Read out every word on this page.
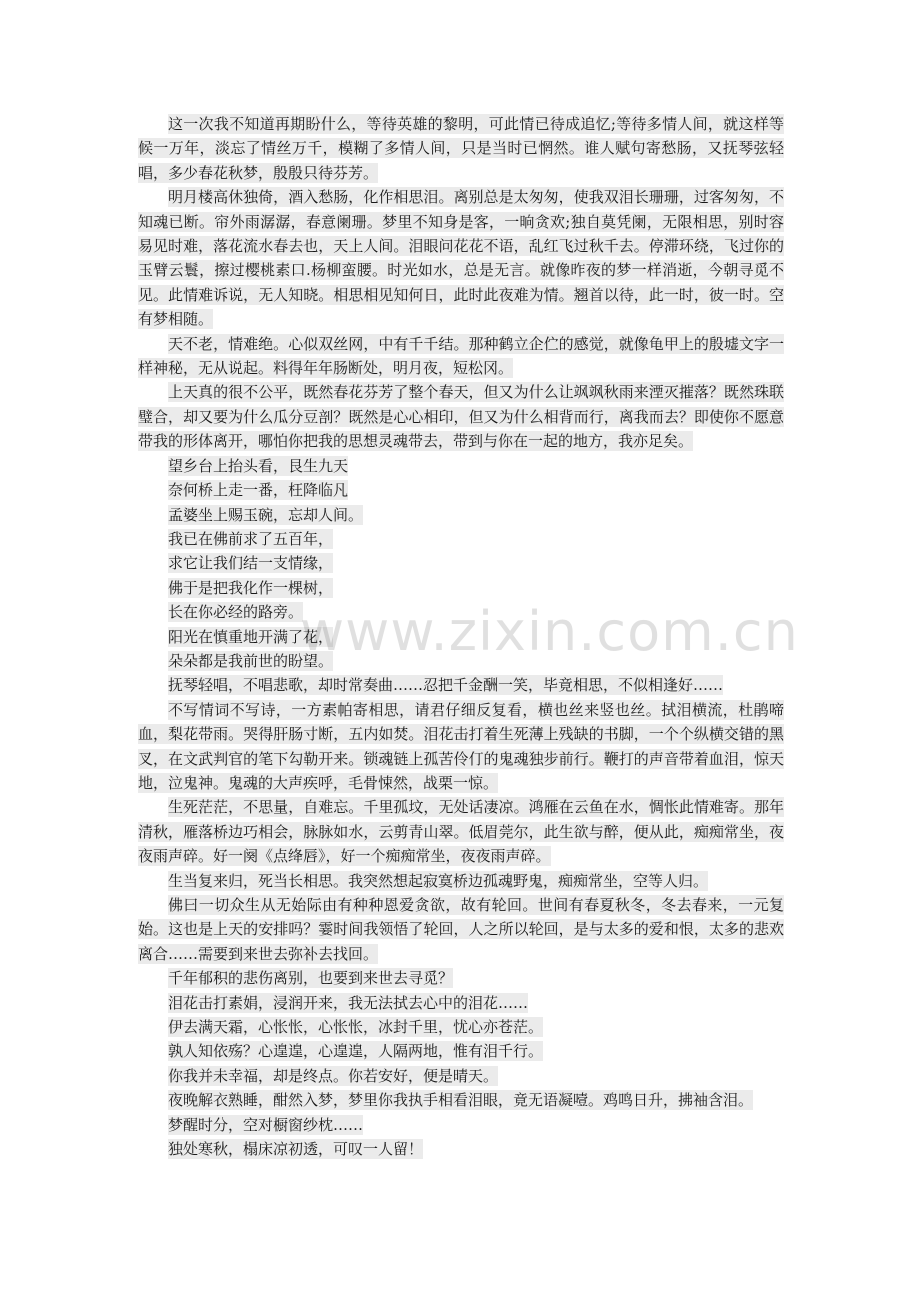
这一次我不知道再期盼什么，等待英雄的黎明，可此情已待成追忆;等待多情人间，就这样等候一万年，淡忘了情丝万千，模糊了多情人间，只是当时已惘然。谁人赋句寄愁肠，又抚琴弦轻唱，多少春花秋梦，殷殷只待芬芳。

明月楼高休独倚，酒入愁肠，化作相思泪。离别总是太匆匆，使我双泪长珊珊，过客匆匆，不知魂已断。帘外雨潺潺，春意阑珊。梦里不知身是客，一晌贪欢;独自莫凭阑，无限相思，别时容易见时难，落花流水春去也，天上人间。泪眼问花花不语，乱红飞过秋千去。停滞环绕，飞过你的玉臂云鬟，擦过樱桃素口.杨柳蛮腰。时光如水，总是无言。就像昨夜的梦一样消逝，今朝寻觅不见。此情难诉说，无人知晓。相思相见知何日，此时此夜难为情。翘首以待，此一时，彼一时。空有梦相随。

天不老，情难绝。心似双丝网，中有千千结。那种鹤立企伫的感觉，就像龟甲上的殷墟文字一样神秘，无从说起。料得年年肠断处，明月夜，短松冈。

上天真的很不公平，既然春花芬芳了整个春天，但又为什么让飒飒秋雨来湮灭摧落？既然珠联璧合，却又要为什么瓜分豆剖？既然是心心相印，但又为什么相背而行，离我而去？即使你不愿意带我的形体离开，哪怕你把我的思想灵魂带去，带到与你在一起的地方，我亦足矣。

望乡台上抬头看，艮生九天

奈何桥上走一番，枉降临凡

孟婆坐上赐玉碗，忘却人间。

我已在佛前求了五百年，

求它让我们结一支情缘，

佛于是把我化作一棵树，

长在你必经的路旁。

阳光在慎重地开满了花，

朵朵都是我前世的盼望。

抚琴轻唱，不唱悲歌，却时常奏曲……忍把千金酬一笑，毕竟相思，不似相逢好……

不写情词不写诗，一方素帕寄相思，请君仔细反复看，横也丝来竖也丝。拭泪横流，杜鹃啼血，梨花带雨。哭得肝肠寸断，五内如焚。泪花击打着生死薄上残缺的书脚，一个个纵横交错的黑叉，在文武判官的笔下勾勒开来。锁魂链上孤苦伶仃的鬼魂独步前行。鞭打的声音带着血泪，惊天地，泣鬼神。鬼魂的大声疾呼，毛骨悚然，战栗一惊。

生死茫茫，不思量，自难忘。千里孤坟，无处话凄凉。鸿雁在云鱼在水，惆怅此情难寄。那年清秋，雁落桥边巧相会，脉脉如水，云剪青山翠。低眉莞尔，此生欲与醉，便从此，痴痴常坐，夜夜雨声碎。好一阕《点绛唇》，好一个痴痴常坐，夜夜雨声碎。

生当复来归，死当长相思。我突然想起寂寞桥边孤魂野鬼，痴痴常坐，空等人归。

佛曰一切众生从无始际由有种种恩爱贪欲，故有轮回。世间有春夏秋冬，冬去春来，一元复始。这也是上天的安排吗？霎时间我领悟了轮回，人之所以轮回，是与太多的爱和恨，太多的悲欢离合……需要到来世去弥补去找回。

千年郁积的悲伤离别，也要到来世去寻觅？

泪花击打素娟，浸润开来，我无法拭去心中的泪花……

伊去满天霜，心怅怅，心怅怅，冰封千里，忧心亦苍茫。

孰人知依殇？心遑遑，心遑遑，人隔两地，惟有泪千行。

你我并未幸福，却是终点。你若安好，便是晴天。

夜晚解衣熟睡，酣然入梦，梦里你我执手相看泪眼，竟无语凝噎。鸡鸣日升，拂袖含泪。

梦醒时分，空对橱窗纱枕……

独处寒秋，榻床凉初透，可叹一人留！

www.zixin.com.cn
